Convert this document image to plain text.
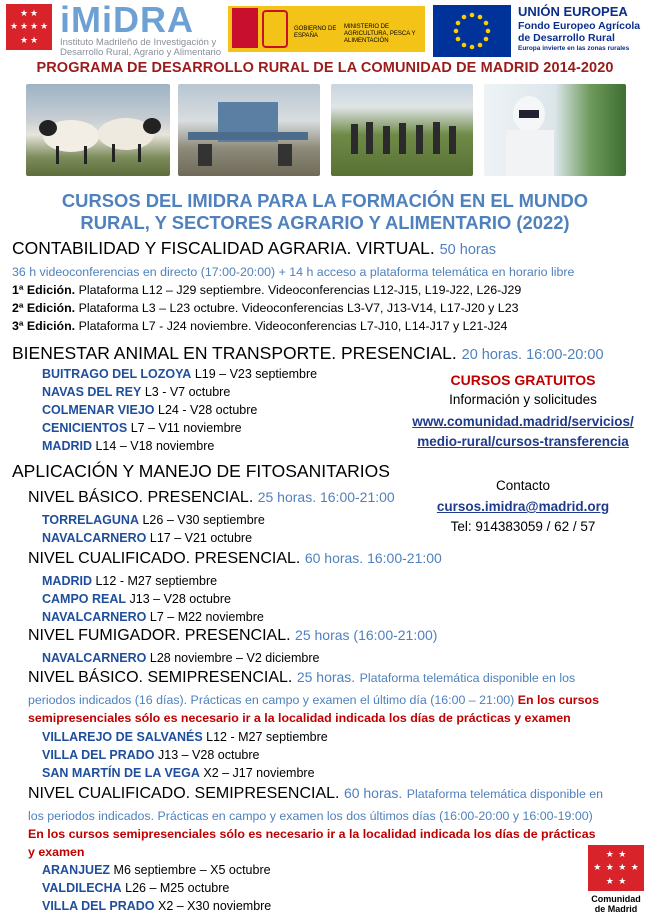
★ ★
★ ★ ★ ★
★ ★ iMiDRA
Instituto Madrileño de Investigación y Desarrollo Rural, Agrario y Alimentario
GOBIERNO DE ESPAÑA
MINISTERIO DE AGRICULTURA, PESCA Y ALIMENTACIÓN
UNIÓN EUROPEA
Fondo Europeo Agrícola de Desarrollo Rural
Europa invierte en las zonas rurales
PROGRAMA DE DESARROLLO RURAL DE LA COMUNIDAD DE MADRID 2014-2020
CURSOS DEL IMIDRA PARA LA FORMACIÓN EN EL MUNDO
RURAL, Y SECTORES AGRARIO Y ALIMENTARIO (2022)
CONTABILIDAD Y FISCALIDAD AGRARIA. VIRTUAL. 50 horas
36 h videoconferencias en directo (17:00-20:00) + 14 h acceso a plataforma telemática en horario libre
1ª Edición. Plataforma L12 – J29 septiembre. Videoconferencias L12-J15, L19-J22, L26-J29
2ª Edición. Plataforma L3 – L23 octubre. Videoconferencias L3-V7, J13-V14, L17-J20 y L23
3ª Edición. Plataforma L7 - J24 noviembre. Videoconferencias L7-J10, L14-J17 y L21-J24
BIENESTAR ANIMAL EN TRANSPORTE. PRESENCIAL. 20 horas. 16:00-20:00
BUITRAGO DEL LOZOYA L19 – V23 septiembre
NAVAS DEL REY L3 - V7 octubre
COLMENAR VIEJO L24 - V28 octubre
CENICIENTOS L7 – V11 noviembre
MADRID L14 – V18 noviembre
CURSOS GRATUITOS
Información y solicitudes
www.comunidad.madrid/servicios/
medio-rural/cursos-transferencia
Contacto
cursos.imidra@madrid.org
Tel: 914383059 / 62 / 57
APLICACIÓN Y MANEJO DE FITOSANITARIOS
NIVEL BÁSICO. PRESENCIAL. 25 horas. 16:00-21:00
TORRELAGUNA L26 – V30 septiembre
NAVALCARNERO L17 – V21 octubre
NIVEL CUALIFICADO. PRESENCIAL. 60 horas. 16:00-21:00
MADRID L12 - M27 septiembre
CAMPO REAL J13 – V28 octubre
NAVALCARNERO L7 – M22 noviembre
NIVEL FUMIGADOR. PRESENCIAL. 25 horas (16:00-21:00)
NAVALCARNERO L28 noviembre – V2 diciembre
NIVEL BÁSICO. SEMIPRESENCIAL. 25 horas. Plataforma telemática disponible en los
periodos indicados (16 días). Prácticas en campo y examen el último día (16:00 – 21:00) En los cursos
semipresenciales sólo es necesario ir a la localidad indicada los días de prácticas y examen
VILLAREJO DE SALVANÉS L12 - M27 septiembre
VILLA DEL PRADO J13 – V28 octubre
SAN MARTÍN DE LA VEGA X2 – J17 noviembre
NIVEL CUALIFICADO. SEMIPRESENCIAL. 60 horas. Plataforma telemática disponible en
los periodos indicados. Prácticas en campo y examen los dos últimos días (16:00-20:00 y 16:00-19:00)
En los cursos semipresenciales sólo es necesario ir a la localidad indicada los días de prácticas
y examen
ARANJUEZ M6 septiembre – X5 octubre
VALDILECHA L26 – M25 octubre
VILLA DEL PRADO X2 – X30 noviembre
★ ★
★ ★ ★ ★
★ ★
Comunidad
de Madrid
